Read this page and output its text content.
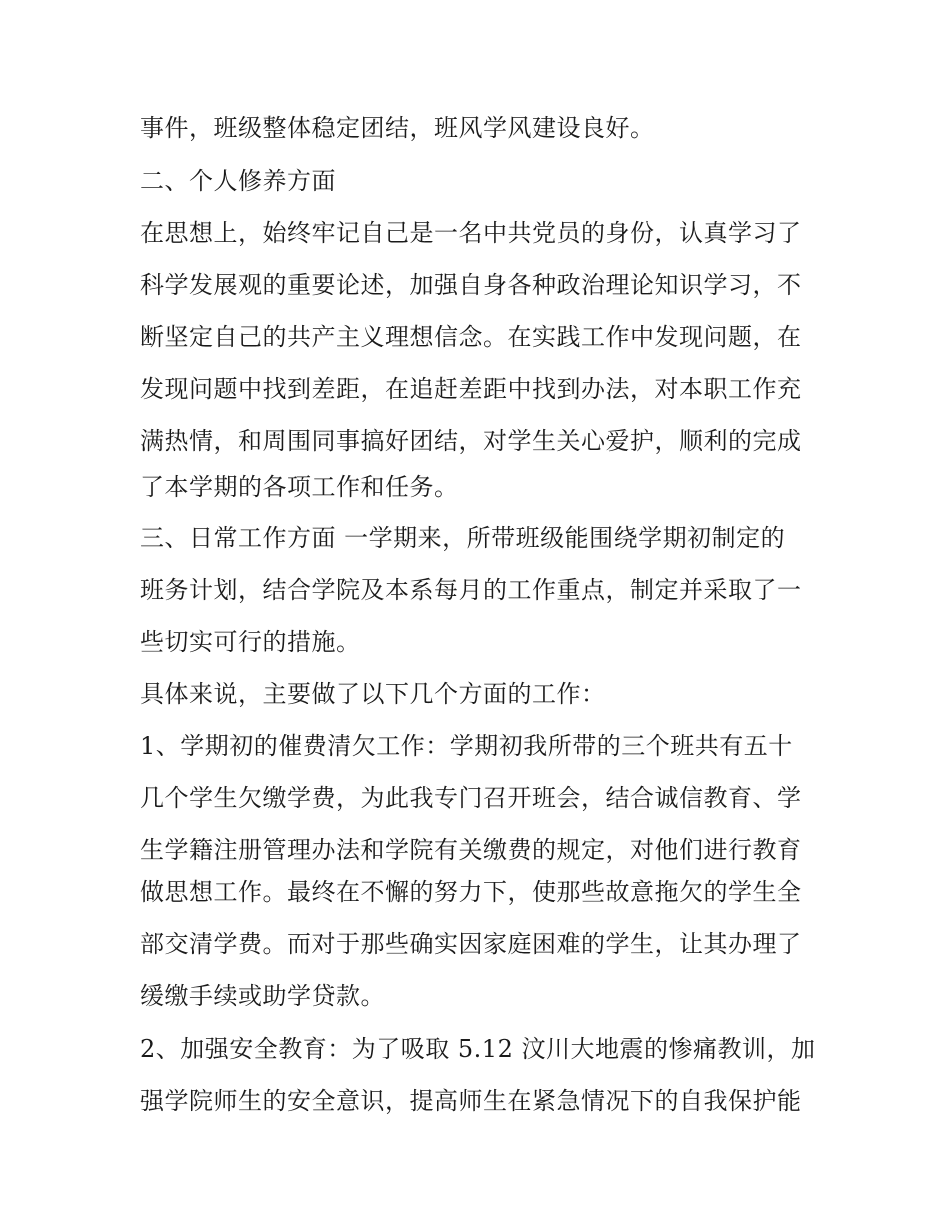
事件，班级整体稳定团结，班风学风建设良好。
二、个人修养方面
在思想上，始终牢记自己是一名中共党员的身份，认真学习了
科学发展观的重要论述，加强自身各种政治理论知识学习，不
断坚定自己的共产主义理想信念。在实践工作中发现问题，在
发现问题中找到差距，在追赶差距中找到办法，对本职工作充
满热情，和周围同事搞好团结，对学生关心爱护，顺利的完成
了本学期的各项工作和任务。
三、日常工作方面 一学期来，所带班级能围绕学期初制定的
班务计划，结合学院及本系每月的工作重点，制定并采取了一
些切实可行的措施。
具体来说，主要做了以下几个方面的工作：
1、学期初的催费清欠工作：学期初我所带的三个班共有五十
几个学生欠缴学费，为此我专门召开班会，结合诚信教育、学
生学籍注册管理办法和学院有关缴费的规定，对他们进行教育
做思想工作。最终在不懈的努力下，使那些故意拖欠的学生全
部交清学费。而对于那些确实因家庭困难的学生，让其办理了
缓缴手续或助学贷款。
2、加强安全教育：为了吸取 5.12 汶川大地震的惨痛教训，加
强学院师生的安全意识，提高师生在紧急情况下的自我保护能
